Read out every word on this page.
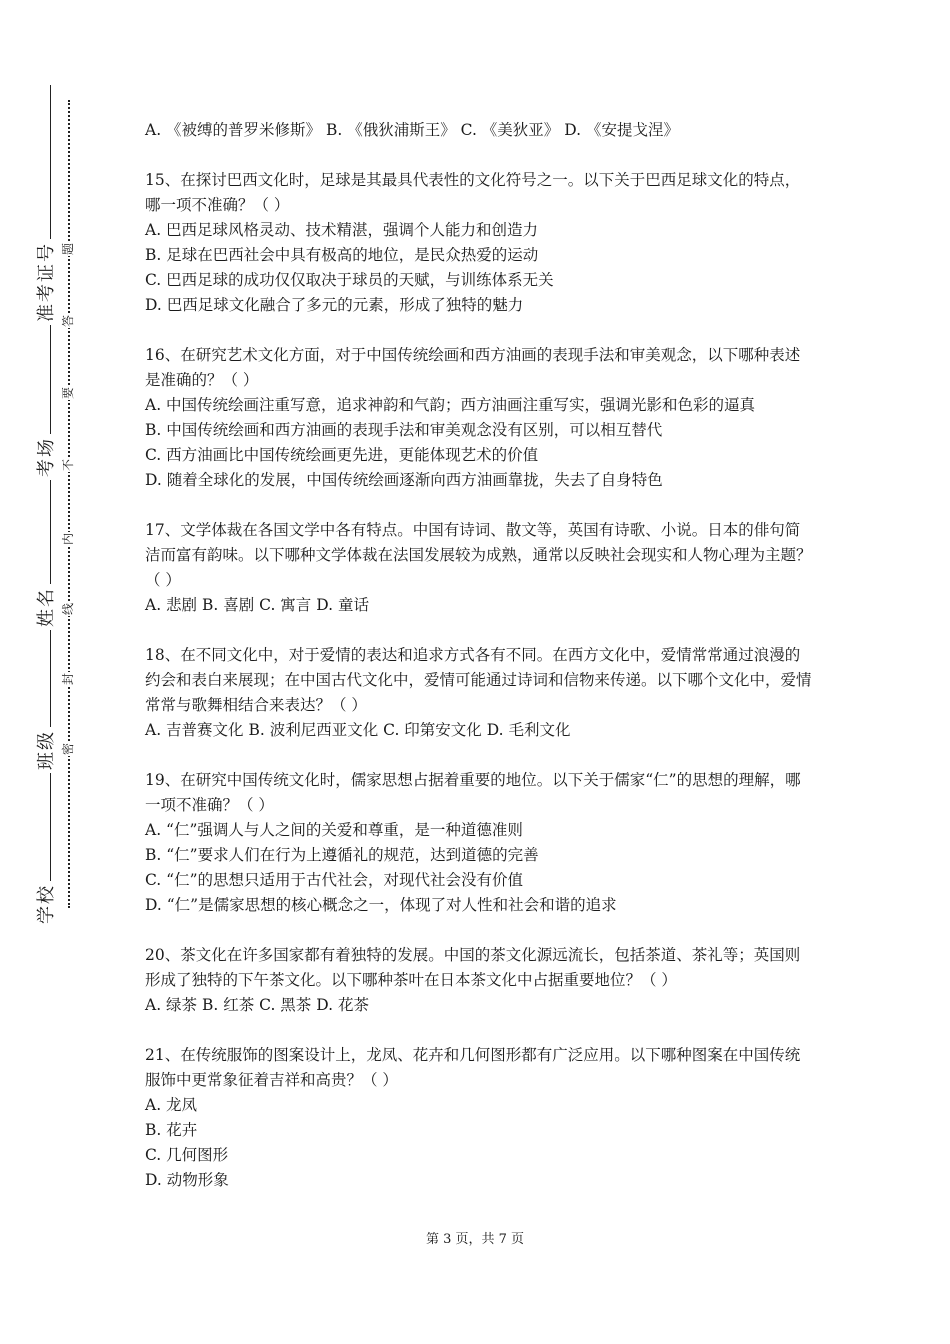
准考证号
考场
姓名
班级
学校
题
答
要
不
内
线
封
密

A. 《被缚的普罗米修斯》 B. 《俄狄浦斯王》 C. 《美狄亚》 D. 《安提戈涅》

15、在探讨巴西文化时，足球是其最具代表性的文化符号之一。以下关于巴西足球文化的特点，哪一项不准确？（ ）

A. 巴西足球风格灵动、技术精湛，强调个人能力和创造力

B. 足球在巴西社会中具有极高的地位，是民众热爱的运动

C. 巴西足球的成功仅仅取决于球员的天赋，与训练体系无关

D. 巴西足球文化融合了多元的元素，形成了独特的魅力

16、在研究艺术文化方面，对于中国传统绘画和西方油画的表现手法和审美观念，以下哪种表述是准确的？（ ）

A. 中国传统绘画注重写意，追求神韵和气韵；西方油画注重写实，强调光影和色彩的逼真

B. 中国传统绘画和西方油画的表现手法和审美观念没有区别，可以相互替代

C. 西方油画比中国传统绘画更先进，更能体现艺术的价值

D. 随着全球化的发展，中国传统绘画逐渐向西方油画靠拢，失去了自身特色

17、文学体裁在各国文学中各有特点。中国有诗词、散文等，英国有诗歌、小说。日本的俳句简洁而富有韵味。以下哪种文学体裁在法国发展较为成熟，通常以反映社会现实和人物心理为主题？（ ）

A. 悲剧 B. 喜剧 C. 寓言 D. 童话

18、在不同文化中，对于爱情的表达和追求方式各有不同。在西方文化中，爱情常常通过浪漫的约会和表白来展现；在中国古代文化中，爱情可能通过诗词和信物来传递。以下哪个文化中，爱情常常与歌舞相结合来表达？（ ）

A. 吉普赛文化 B. 波利尼西亚文化 C. 印第安文化 D. 毛利文化

19、在研究中国传统文化时，儒家思想占据着重要的地位。以下关于儒家“仁”的思想的理解，哪一项不准确？（ ）

A. “仁”强调人与人之间的关爱和尊重，是一种道德准则

B. “仁”要求人们在行为上遵循礼的规范，达到道德的完善

C. “仁”的思想只适用于古代社会，对现代社会没有价值

D. “仁”是儒家思想的核心概念之一，体现了对人性和社会和谐的追求

20、茶文化在许多国家都有着独特的发展。中国的茶文化源远流长，包括茶道、茶礼等；英国则形成了独特的下午茶文化。以下哪种茶叶在日本茶文化中占据重要地位？（ ）

A. 绿茶 B. 红茶 C. 黑茶 D. 花茶

21、在传统服饰的图案设计上，龙凤、花卉和几何图形都有广泛应用。以下哪种图案在中国传统服饰中更常象征着吉祥和高贵？（ ）

A. 龙凤

B. 花卉

C. 几何图形

D. 动物形象

第 3 页，共 7 页
